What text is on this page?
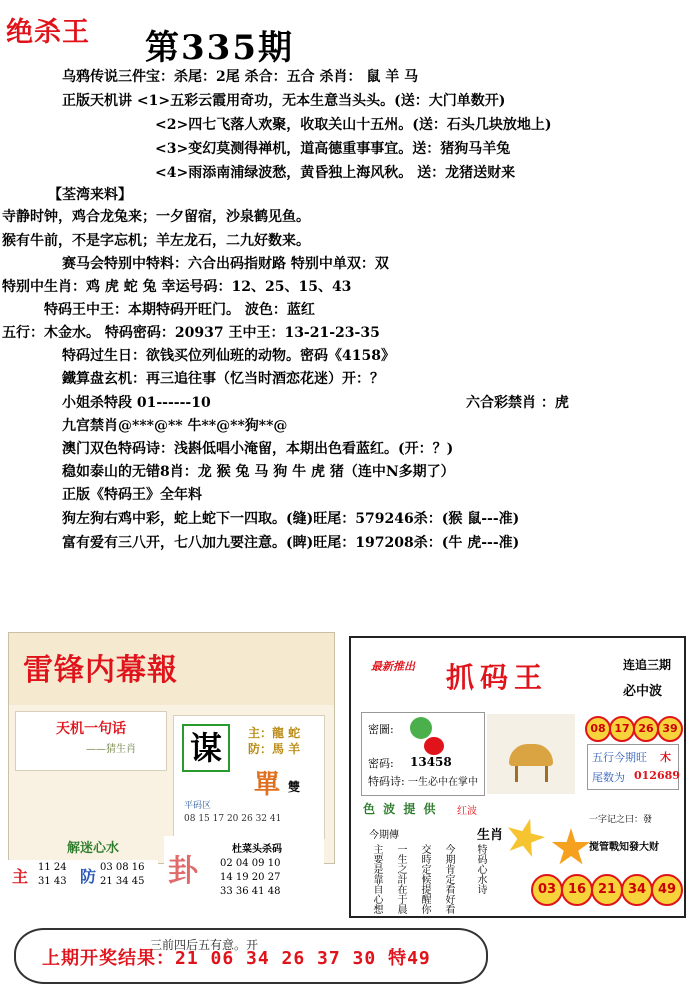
绝杀王 第335期
乌鸦传说三件宝：杀尾：2尾 杀合：五合 杀肖： 鼠 羊 马
正版天机讲 <1>五彩云霞用奇功，无本生意当头头。(送：大门单数开)
<2>四七飞落人欢聚，收取关山十五州。(送：石头几块放地上)
<3>变幻莫测得禅机，道高德重事事宜。送：猪狗马羊兔
<4>雨添南浦绿波愁，黄昏独上海风秋。 送：龙猪送财来
【荃湾来料】
寺静时钟，鸡合龙兔来；一夕留宿，沙泉鹤见鱼。
猴有牛前，不是字忘机；羊左龙石，二九好数来。
赛马会特别中特料：六合出码指财路 特别中单双：双
特别中生肖：鸡 虎 蛇 兔 幸运号码：12、25、15、43
特码王中王：本期特码开旺门。 波色：蓝红
五行：木金水。 特码密码：20937 王中王：13-21-23-35
特码过生日：欲钱买位列仙班的动物。密码《4158》
鐵算盘玄机：再三追往事（忆当时酒恋花迷）开：？
小姐杀特段 01------10	六合彩禁肖 ：虎
九宫禁肖@***@** 牛**@**狗**@
澳门双色特码诗：浅斟低唱小淹留，本期出色看蓝红。(开：？)
稳如泰山的无错8肖：龙 猴 兔 马 狗 牛 虎 猪（连中N多期了）
正版《特码王》全年料
狗左狗右鸡中彩，蛇上蛇下一四取。(缝)旺尾：579246杀：(猴 鼠---准)
富有爱有三八开，七八加九要注意。(睥)旺尾：197208杀：(牛 虎---准)
雷锋内幕報
天机一句话
——猜生肖 谋	主：龍 蛇
防：馬 羊
單 雙
平码区
08 15 17 20 26 32 41
解迷心水
主 11 24
31 43 防 03 08 16
21 34 45 卦
杜菜头杀码
02 04 09 10
14 19 20 27
33 36 41 48
最新推出 抓码王	连追三期
必中波
密圖:
密码: 13458
特码诗: 一生必中在掌中
08 17 26 39
五行今期旺 木
尾数为 012689
色 波 提 供 红波
今期傳	生肖
主要是靠自心想 一生之計在于晨 交時定候提醒你 今期肯定看好看 特码心水诗
一字记之曰：發
搅管戰知發大财
03 16 21 34 49
三前四后五有意。开
上期开奖结果：21 06 34 26 37 30 特49
